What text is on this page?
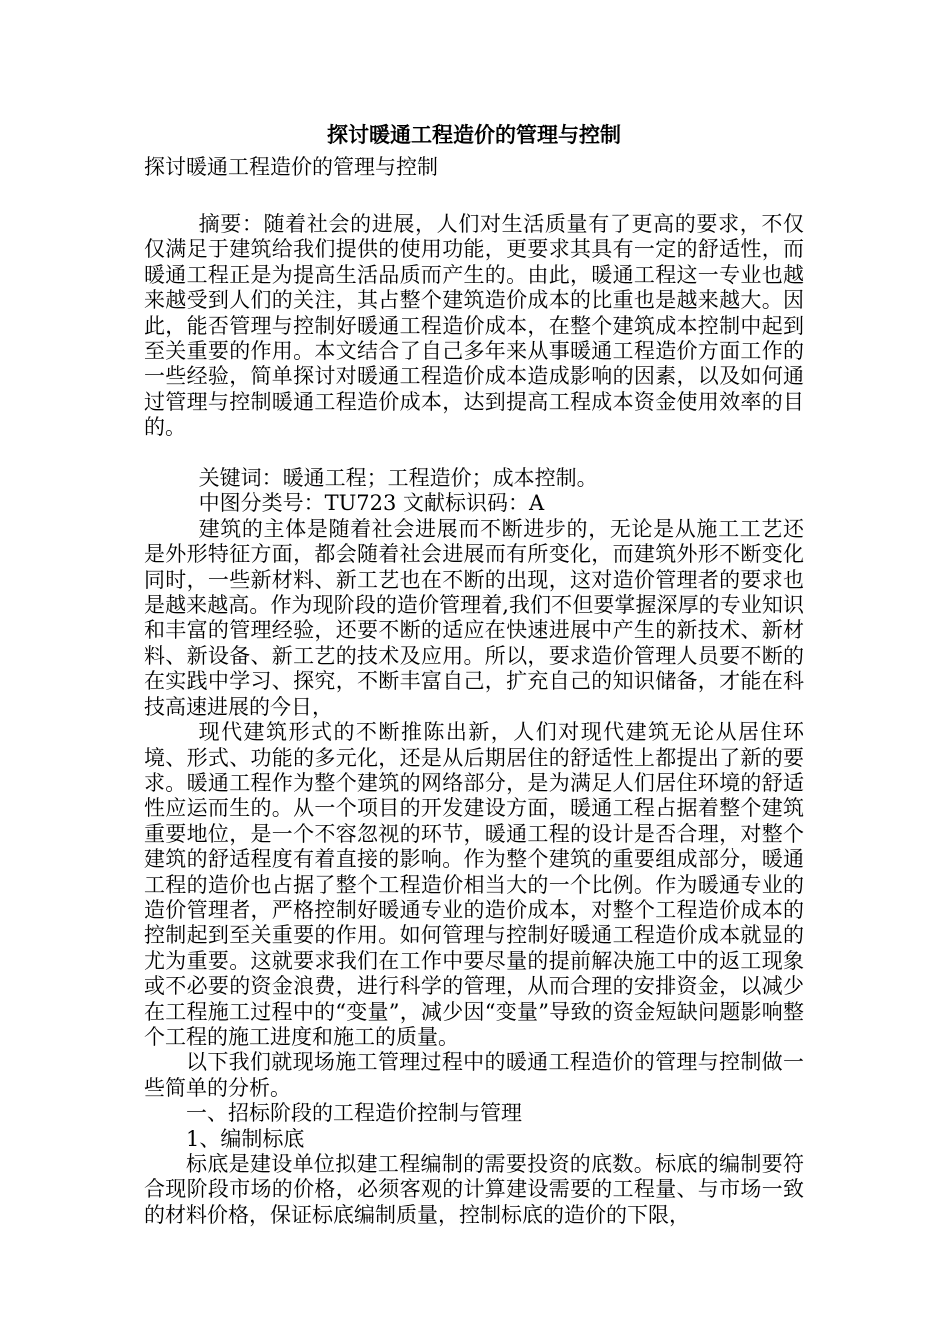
探讨暖通工程造价的管理与控制

探讨暖通工程造价的管理与控制

摘要：随着社会的进展，人们对生活质量有了更高的要求，不仅仅满足于建筑给我们提供的使用功能，更要求其具有一定的舒适性，而暖通工程正是为提高生活品质而产生的。由此，暖通工程这一专业也越来越受到人们的关注，其占整个建筑造价成本的比重也是越来越大。因此，能否管理与控制好暖通工程造价成本，在整个建筑成本控制中起到至关重要的作用。本文结合了自己多年来从事暖通工程造价方面工作的一些经验，简单探讨对暖通工程造价成本造成影响的因素，以及如何通过管理与控制暖通工程造价成本，达到提高工程成本资金使用效率的目的。

关键词：暖通工程；工程造价；成本控制。

中图分类号：TU723 文献标识码：A

建筑的主体是随着社会进展而不断进步的，无论是从施工工艺还是外形特征方面，都会随着社会进展而有所变化，而建筑外形不断变化同时，一些新材料、新工艺也在不断的出现，这对造价管理者的要求也是越来越高。作为现阶段的造价管理着,我们不但要掌握深厚的专业知识和丰富的管理经验，还要不断的适应在快速进展中产生的新技术、新材料、新设备、新工艺的技术及应用。所以，要求造价管理人员要不断的在实践中学习、探究，不断丰富自己，扩充自己的知识储备，才能在科技高速进展的今日，

现代建筑形式的不断推陈出新，人们对现代建筑无论从居住环境、形式、功能的多元化，还是从后期居住的舒适性上都提出了新的要求。暖通工程作为整个建筑的网络部分，是为满足人们居住环境的舒适性应运而生的。从一个项目的开发建设方面，暖通工程占据着整个建筑重要地位，是一个不容忽视的环节，暖通工程的设计是否合理，对整个建筑的舒适程度有着直接的影响。作为整个建筑的重要组成部分，暖通工程的造价也占据了整个工程造价相当大的一个比例。作为暖通专业的造价管理者，严格控制好暖通专业的造价成本，对整个工程造价成本的控制起到至关重要的作用。如何管理与控制好暖通工程造价成本就显的尤为重要。这就要求我们在工作中要尽量的提前解决施工中的返工现象或不必要的资金浪费，进行科学的管理，从而合理的安排资金，以减少在工程施工过程中的“变量”，减少因“变量”导致的资金短缺问题影响整个工程的施工进度和施工的质量。

以下我们就现场施工管理过程中的暖通工程造价的管理与控制做一些简单的分析。

一、招标阶段的工程造价控制与管理

1、编制标底

标底是建设单位拟建工程编制的需要投资的底数。标底的编制要符合现阶段市场的价格，必须客观的计算建设需要的工程量、与市场一致的材料价格，保证标底编制质量，控制标底的造价的下限，
